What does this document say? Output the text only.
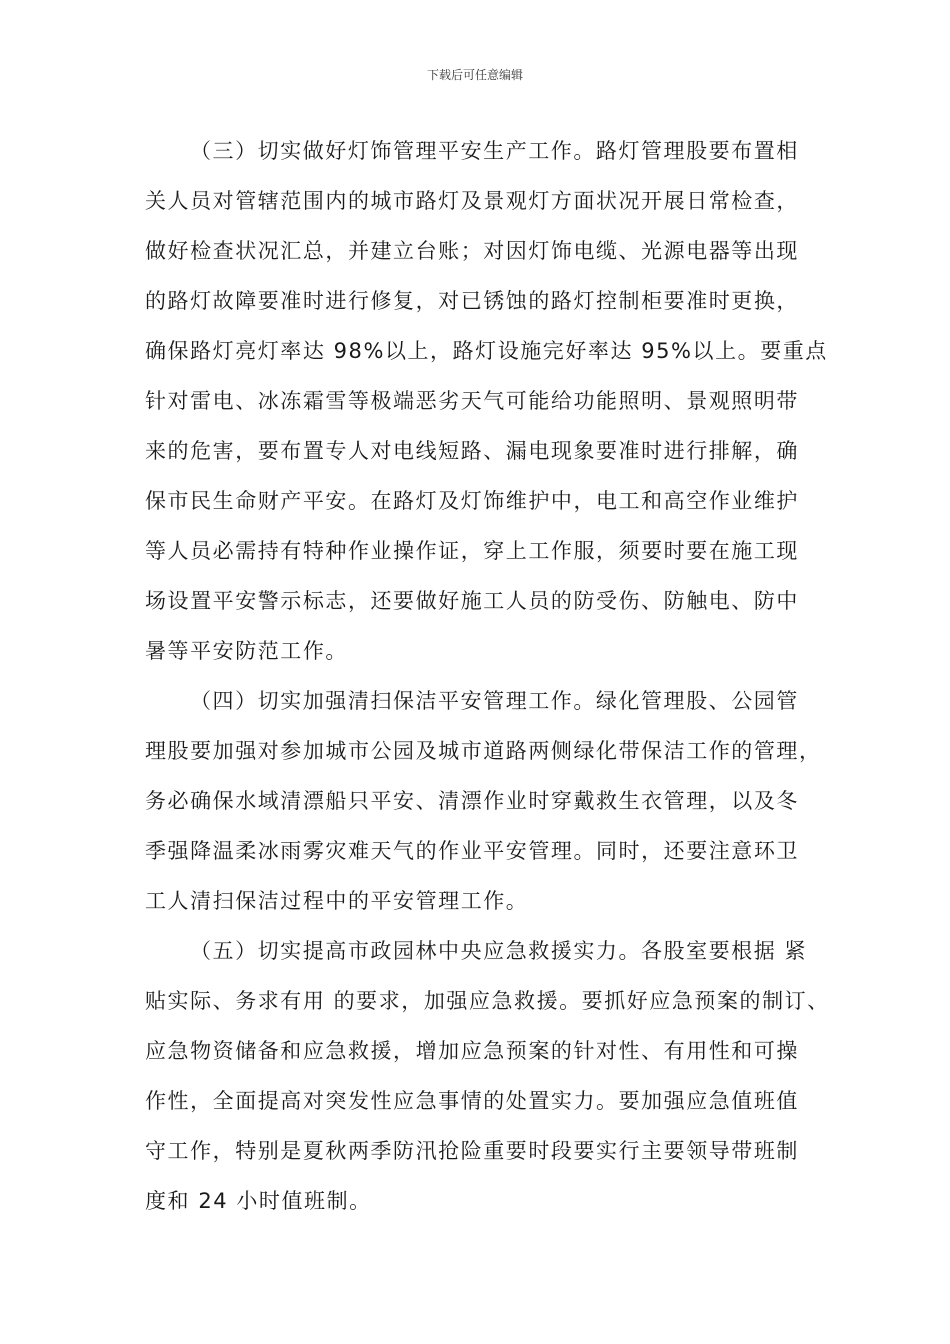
下载后可任意编辑
（三）切实做好灯饰管理平安生产工作。路灯管理股要布置相
关人员对管辖范围内的城市路灯及景观灯方面状况开展日常检查，
做好检查状况汇总，并建立台账；对因灯饰电缆、光源电器等出现
的路灯故障要准时进行修复，对已锈蚀的路灯控制柜要准时更换，
确保路灯亮灯率达 98%以上，路灯设施完好率达 95%以上。要重点
针对雷电、冰冻霜雪等极端恶劣天气可能给功能照明、景观照明带
来的危害，要布置专人对电线短路、漏电现象要准时进行排解，确
保市民生命财产平安。在路灯及灯饰维护中，电工和高空作业维护
等人员必需持有特种作业操作证，穿上工作服，须要时要在施工现
场设置平安警示标志，还要做好施工人员的防受伤、防触电、防中
暑等平安防范工作。
（四）切实加强清扫保洁平安管理工作。绿化管理股、公园管
理股要加强对参加城市公园及城市道路两侧绿化带保洁工作的管理，
务必确保水域清漂船只平安、清漂作业时穿戴救生衣管理，以及冬
季强降温柔冰雨雾灾难天气的作业平安管理。同时，还要注意环卫
工人清扫保洁过程中的平安管理工作。
（五）切实提高市政园林中央应急救援实力。各股室要根据 紧
贴实际、务求有用 的要求，加强应急救援。要抓好应急预案的制订、
应急物资储备和应急救援，增加应急预案的针对性、有用性和可操
作性，全面提高对突发性应急事情的处置实力。要加强应急值班值
守工作，特别是夏秋两季防汛抢险重要时段要实行主要领导带班制
度和 24 小时值班制。
